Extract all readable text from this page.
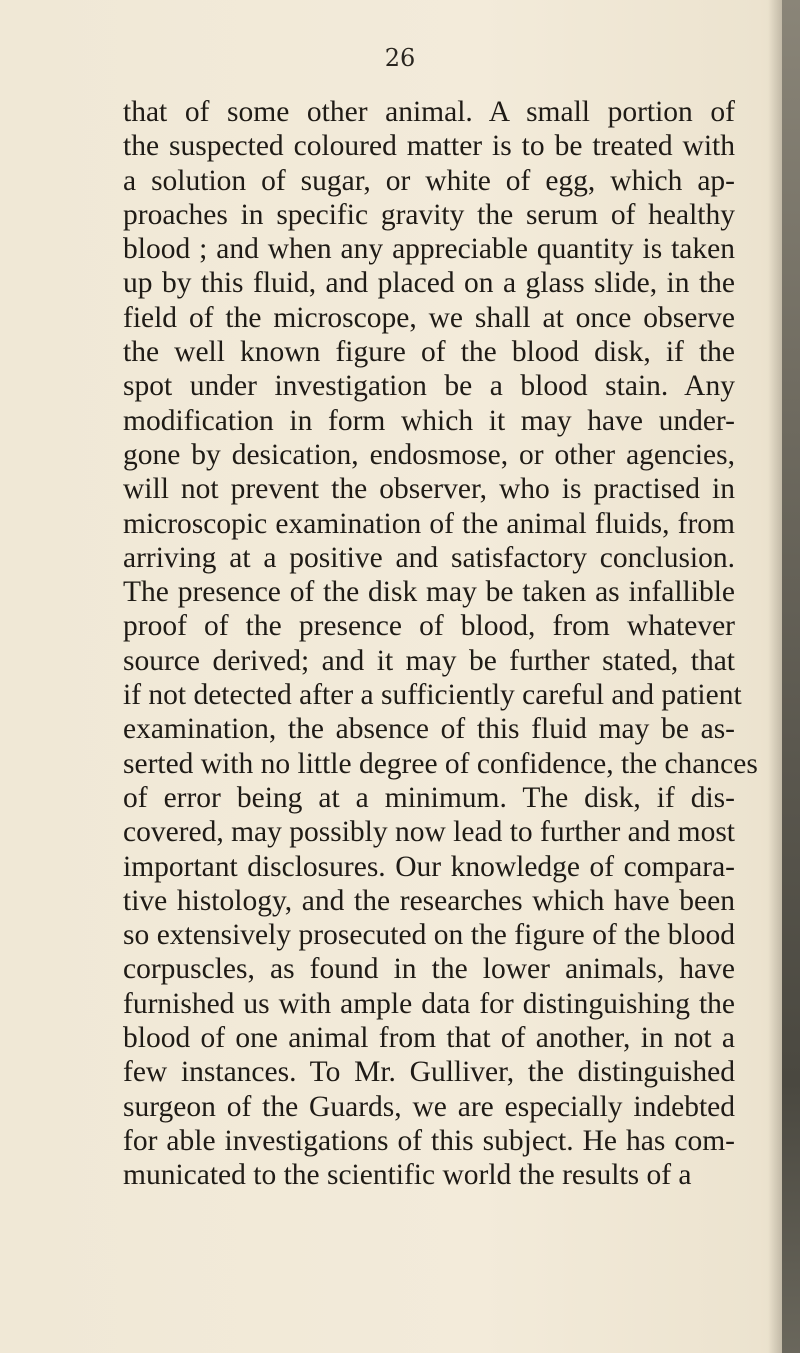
26
that of some other animal. A small portion of
the suspected coloured matter is to be treated with
a solution of sugar, or white of egg, which ap-
proaches in specific gravity the serum of healthy
blood ; and when any appreciable quantity is taken
up by this fluid, and placed on a glass slide, in the
field of the microscope, we shall at once observe
the well known figure of the blood disk, if the
spot under investigation be a blood stain. Any
modification in form which it may have under-
gone by desication, endosmose, or other agencies,
will not prevent the observer, who is practised in
microscopic examination of the animal fluids, from
arriving at a positive and satisfactory conclusion.
The presence of the disk may be taken as infallible
proof of the presence of blood, from whatever
source derived; and it may be further stated, that
if not detected after a sufficiently careful and patient
examination, the absence of this fluid may be as-
serted with no little degree of confidence, the chances
of error being at a minimum. The disk, if dis-
covered, may possibly now lead to further and most
important disclosures. Our knowledge of compara-
tive histology, and the researches which have been
so extensively prosecuted on the figure of the blood
corpuscles, as found in the lower animals, have
furnished us with ample data for distinguishing the
blood of one animal from that of another, in not a
few instances. To Mr. Gulliver, the distinguished
surgeon of the Guards, we are especially indebted
for able investigations of this subject. He has com-
municated to the scientific world the results of a
